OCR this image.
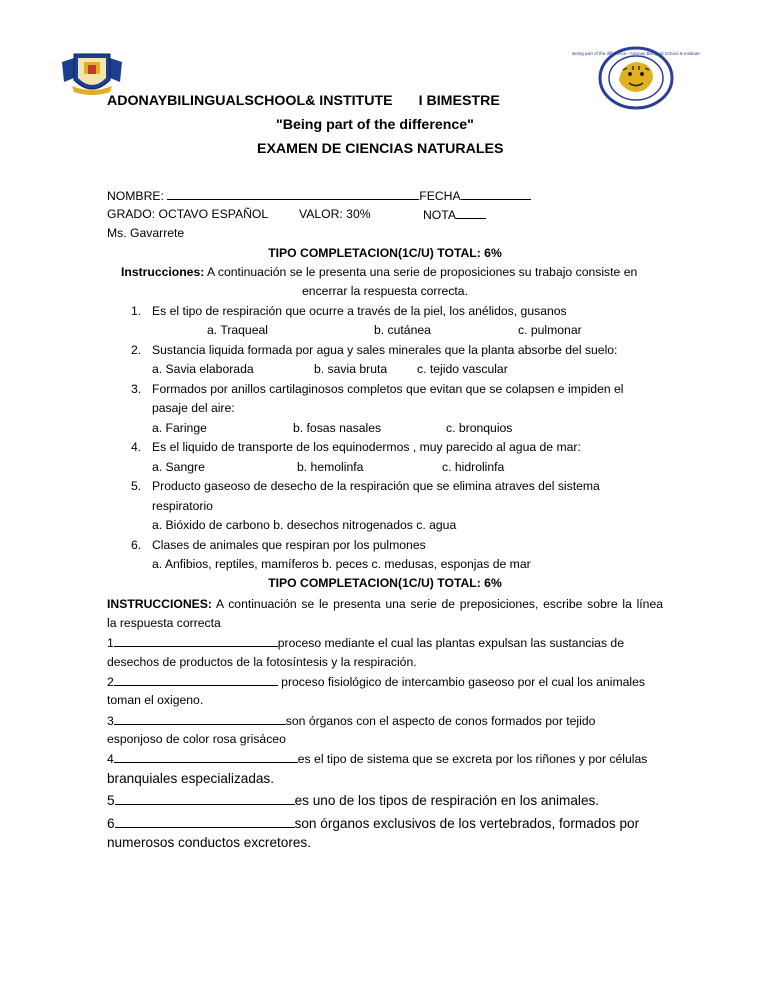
Being part of the difference - Adonay Bilingual School & Institute
ADONAYBILINGUALSCHOOL& INSTITUTE I BIMESTRE
"Being part of the difference"
EXAMEN DE CIENCIAS NATURALES
NOMBRE:	FECHA
GRADO: OCTAVO ESPAÑOL	VALOR: 30%	NOTA
Ms. Gavarrete
TIPO COMPLETACION(1C/U) TOTAL: 6%
Instrucciones: A continuación se le presenta una serie de proposiciones su trabajo consiste en
encerrar la respuesta correcta.
1. Es el tipo de respiración que ocurre a través de la piel, los anélidos, gusanos
a. Traqueal	b. cutánea	c. pulmonar
2. Sustancia liquida formada por agua y sales minerales que la planta absorbe del suelo:
a. Savia elaborada	b. savia bruta c. tejido vascular
3. Formados por anillos cartilaginosos completos que evitan que se colapsen e impiden el
pasaje del aire:
a. Faringe	b. fosas nasales	c. bronquios
4. Es el liquido de transporte de los equinodermos , muy parecido al agua de mar:
a. Sangre	b. hemolinfa	c. hidrolinfa
5. Producto gaseoso de desecho de la respiración que se elimina atraves del sistema
respiratorio
a. Bióxido de carbono b. desechos nitrogenados c. agua
6. Clases de animales que respiran por los pulmones
a. Anfibios, reptiles, mamíferos b. peces c. medusas, esponjas de mar
TIPO COMPLETACION(1C/U) TOTAL: 6%
INSTRUCCIONES: A continuación se le presenta una serie de preposiciones, escribe sobre la línea
la respuesta correcta
1	proceso mediante el cual las plantas expulsan las sustancias de
desechos de productos de la fotosíntesis y la respiración.
2	proceso fisiológico de intercambio gaseoso por el cual los animales
toman el oxigeno.
3	son órganos con el aspecto de conos formados por tejido
esponjoso de color rosa grisáceo
4	es el tipo de sistema que se excreta por los riñones y por células
branquiales especializadas.
5	es uno de los tipos de respiración en los animales.
6	son órganos exclusivos de los vertebrados, formados por
numerosos conductos excretores.
